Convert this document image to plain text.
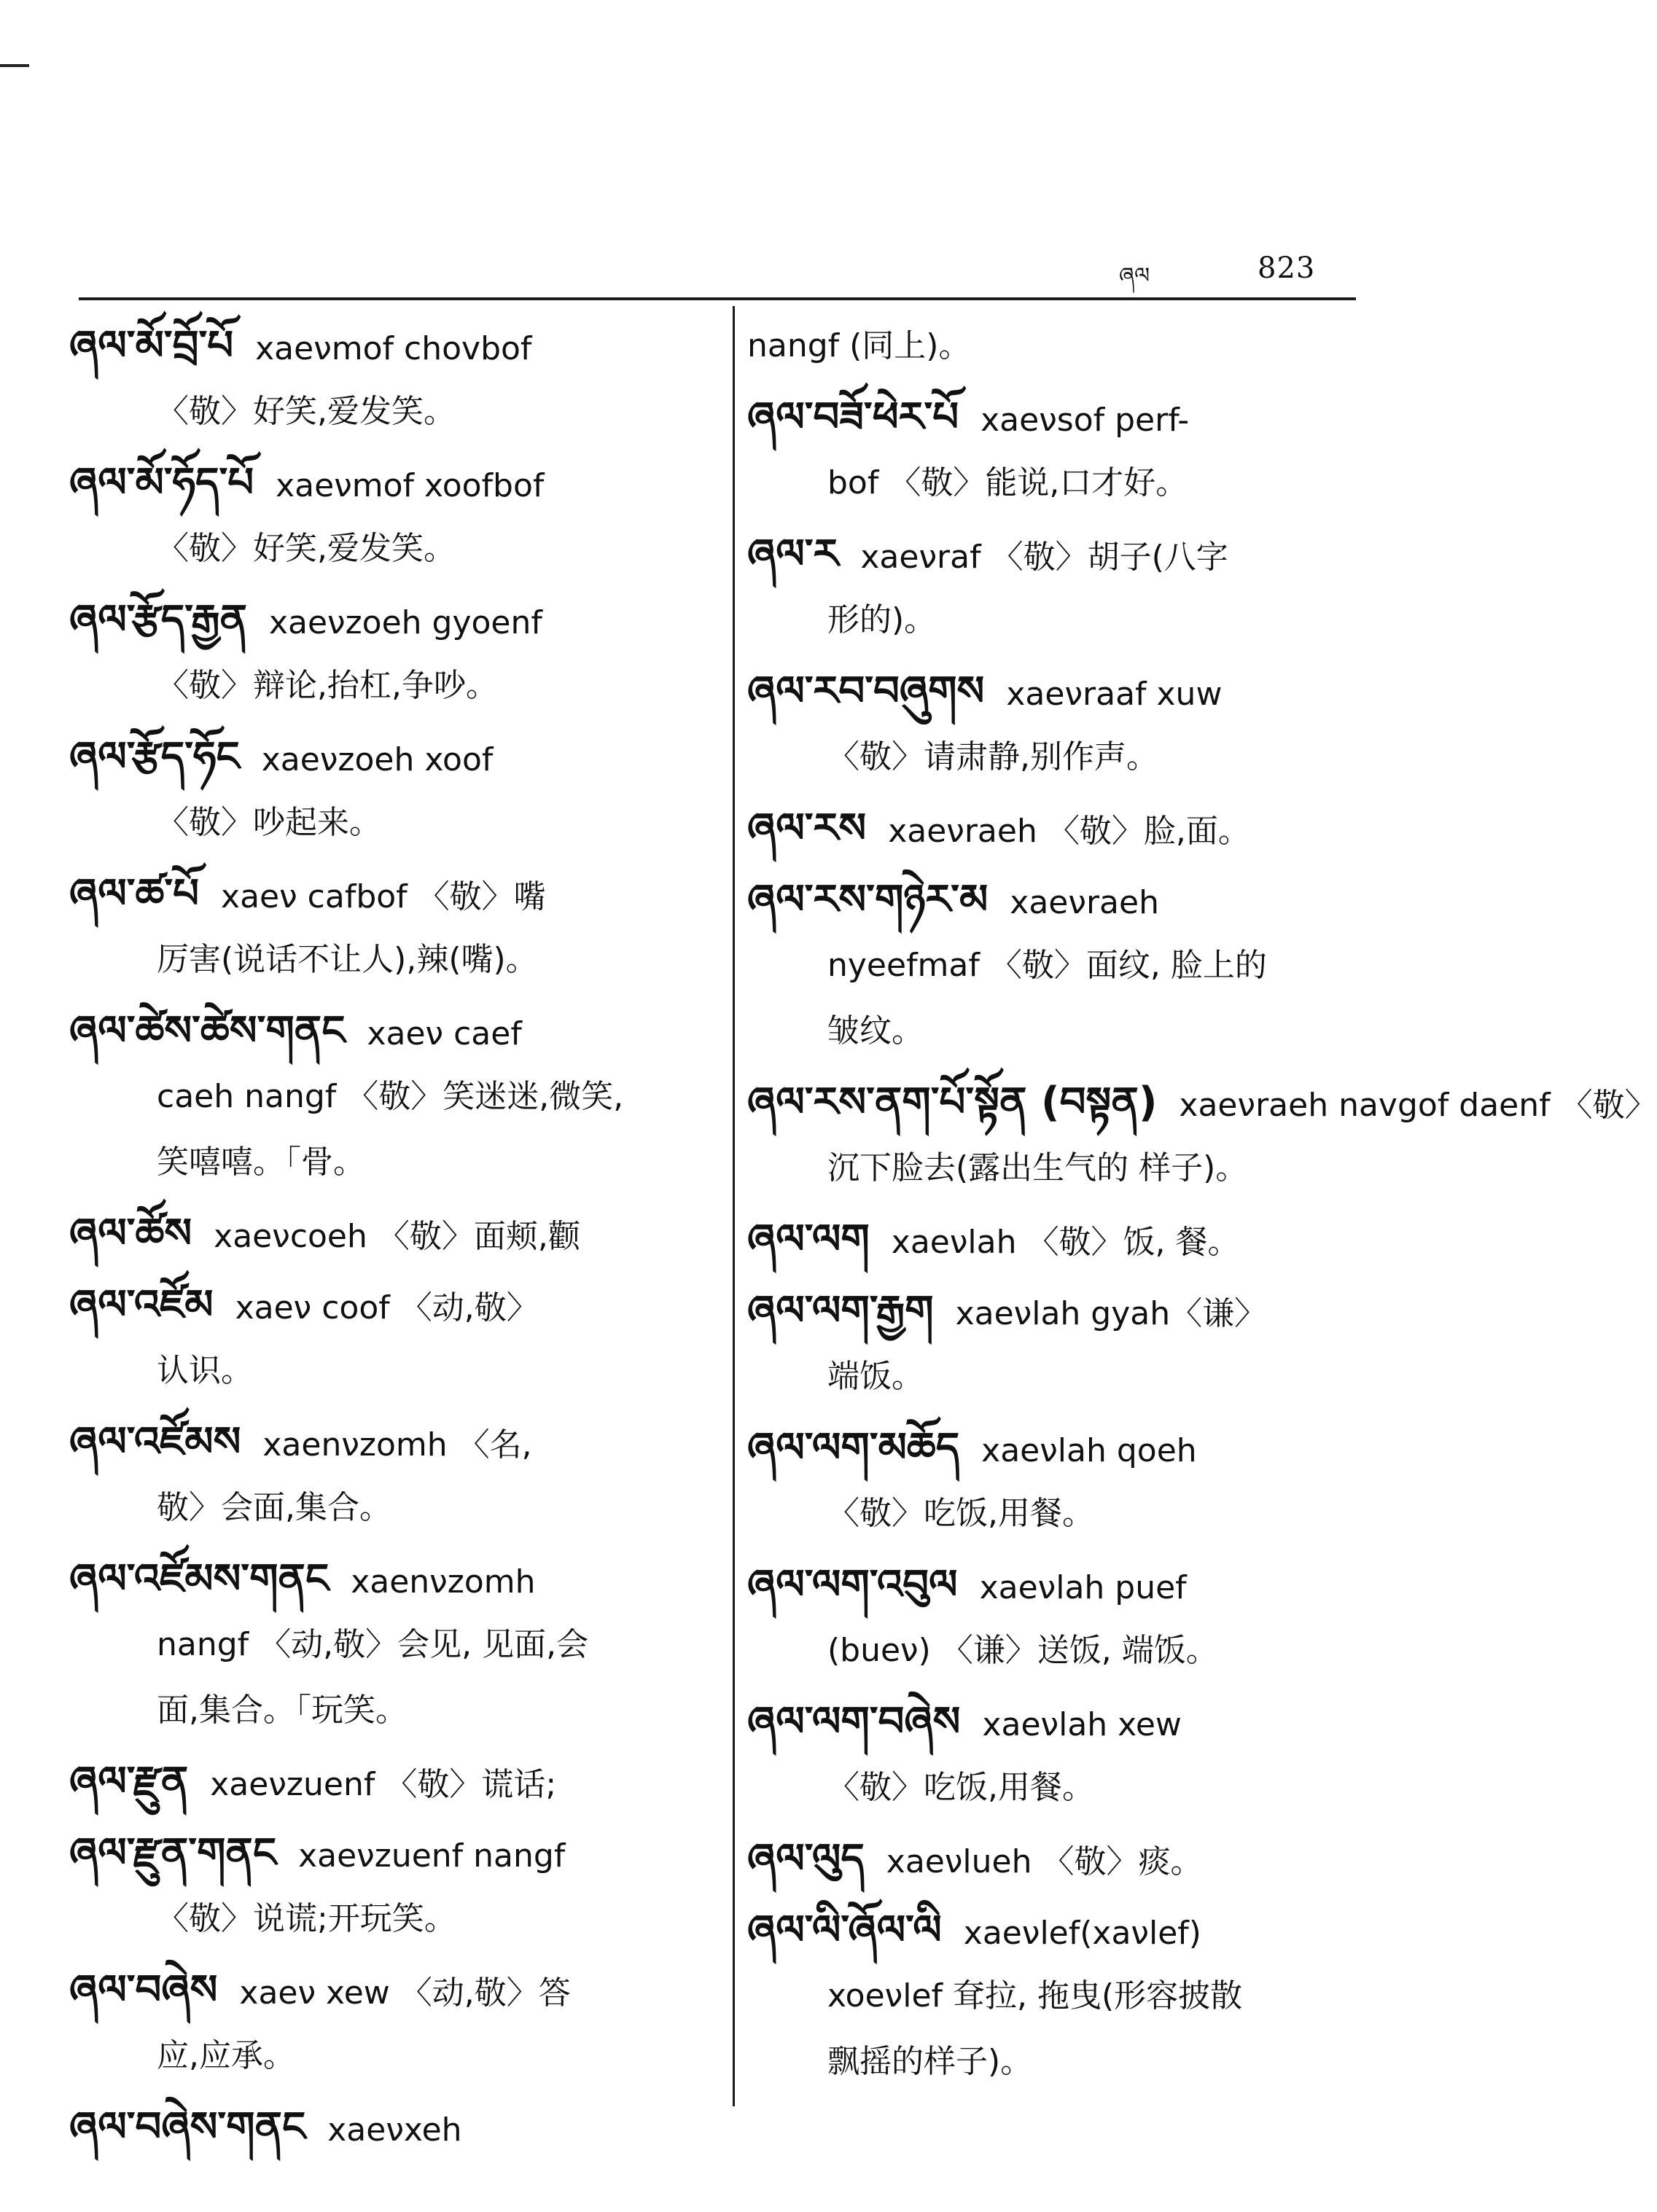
ཞལ	823
ཞལ་མོ་བྲོ་པོ xaeνmof chovbof
〈敬〉好笑,爱发笑。
ཞལ་མོ་ཧོད་པོ xaeνmof xoofbof
〈敬〉好笑,爱发笑。
ཞལ་རྩོད་རྒྱན xaeνzoeh gyoenf
〈敬〉辩论,抬杠,争吵。
ཞལ་རྩོད་ཧོང xaeνzoeh xoof
〈敬〉吵起来。
ཞལ་ཚ་པོ xaeν cafbof 〈敬〉嘴
厉害(说话不让人),辣(嘴)。
ཞལ་ཚེས་ཚེས་གནང xaeν caef
caeh nangf 〈敬〉笑迷迷,微笑,
笑嘻嘻。「骨。
ཞལ་ཚོས xaeνcoeh 〈敬〉面颊,颧
ཞལ་འཛོམ xaeν coof 〈动,敬〉
认识。
ཞལ་འཛོམས xaenνzomh 〈名,
敬〉会面,集合。
ཞལ་འཛོམས་གནང xaenνzomh
nangf 〈动,敬〉会见, 见面,会
面,集合。「玩笑。
ཞལ་རྫུན xaeνzuenf 〈敬〉谎话;
ཞལ་རྫུན་གནང xaeνzuenf nangf
〈敬〉说谎;开玩笑。
ཞལ་བཞེས xaeν xew 〈动,敬〉答
应,应承。
ཞལ་བཞེས་གནང xaeνxeh
nangf (同上)。
ཞལ་བཟོ་ཕེར་པོ xaeνsof perf-
bof 〈敬〉能说,口才好。
ཞལ་ར xaeνraf 〈敬〉胡子(八字
形的)。
ཞལ་རབ་བཞུགས xaeνraaf xuw
〈敬〉请肃静,别作声。
ཞལ་རས xaeνraeh 〈敬〉脸,面。
ཞལ་རས་གཉེར་མ xaeνraeh
nyeefmaf 〈敬〉面纹, 脸上的
皱纹。
ཞལ་རས་ནག་པོ་སྟོན (བསྟན) xaeνraeh navgof daenf 〈敬〉
沉下脸去(露出生气的 样子)。
ཞལ་ལག xaeνlah 〈敬〉饭, 餐。
ཞལ་ལག་རྒྱག xaeνlah gyah〈谦〉
端饭。
ཞལ་ལག་མཆོད xaeνlah qoeh
〈敬〉吃饭,用餐。
ཞལ་ལག་འབུལ xaeνlah puef
(bueν) 〈谦〉送饭, 端饭。
ཞལ་ལག་བཞེས xaeνlah xew
〈敬〉吃饭,用餐。
ཞལ་ལུད xaeνlueh 〈敬〉痰。
ཞལ་ལི་ཞོལ་ལི xaeνlef(xaνlef)
xoeνlef 耷拉, 拖曳(形容披散
飘摇的样子)。
